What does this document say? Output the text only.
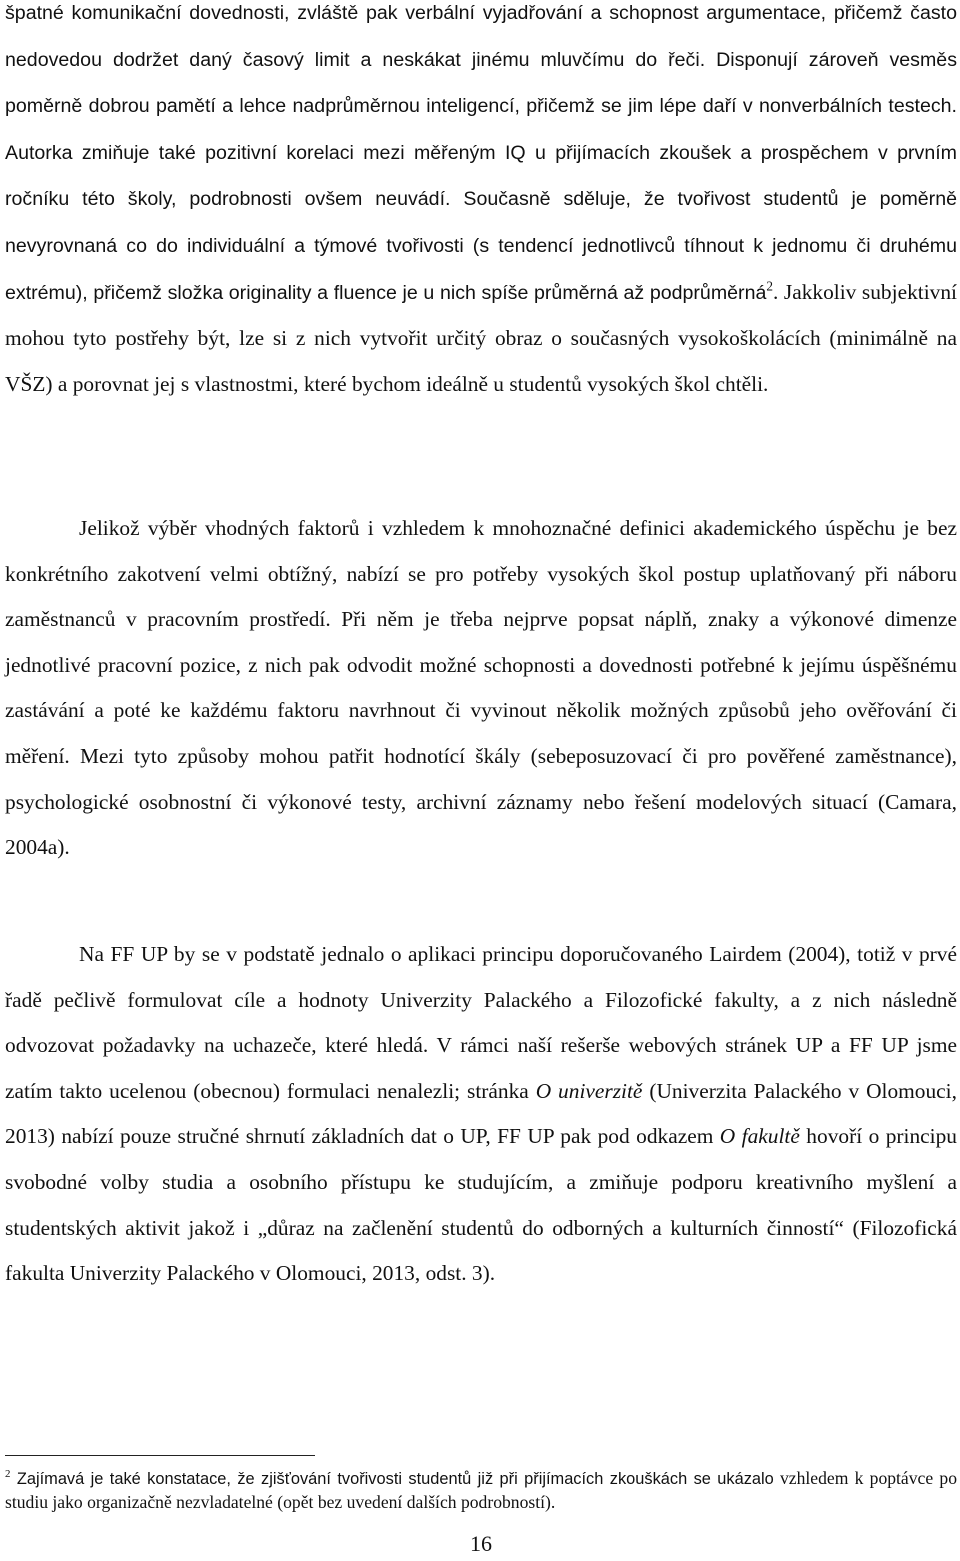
špatné komunikační dovednosti, zvláště pak verbální vyjadřování a schopnost argumentace, přičemž často nedovedou dodržet daný časový limit a neskákat jinému mluvčímu do řeči. Disponují zároveň vesměs poměrně dobrou pamětí a lehce nadprůměrnou inteligencí, přičemž se jim lépe daří v nonverbálních testech. Autorka zmiňuje také pozitivní korelaci mezi měřeným IQ u přijímacích zkoušek a prospěchem v prvním ročníku této školy, podrobnosti ovšem neuvádí. Současně sděluje, že tvořivost studentů je poměrně nevyrovnaná co do individuální a týmové tvořivosti (s tendencí jednotlivců tíhnout k jednomu či druhému extrému), přičemž složka originality a fluence je u nich spíše průměrná až podprůměrná$^2$. Jakkoliv subjektivní mohou tyto postřehy být, lze si z nich vytvořit určitý obraz o současných vysokoškolácích (minimálně na VŠZ) a porovnat jej s vlastnostmi, které bychom ideálně u studentů vysokých škol chtěli.

Jelikož výběr vhodných faktorů i vzhledem k mnohoznačné definici akademického úspěchu je bez konkrétního zakotvení velmi obtížný, nabízí se pro potřeby vysokých škol postup uplatňovaný při náboru zaměstnanců v pracovním prostředí. Při něm je třeba nejprve popsat náplň, znaky a výkonové dimenze jednotlivé pracovní pozice, z nich pak odvodit možné schopnosti a dovednosti potřebné k jejímu úspěšnému zastávání a poté ke každému faktoru navrhnout či vyvinout několik možných způsobů jeho ověřování či měření. Mezi tyto způsoby mohou patřit hodnotící škály (sebeposuzovací či pro pověřené zaměstnance), psychologické osobnostní či výkonové testy, archivní záznamy nebo řešení modelových situací (Camara, 2004a).

Na FF UP by se v podstatě jednalo o aplikaci principu doporučovaného Lairdem (2004), totiž v prvé řadě pečlivě formulovat cíle a hodnoty Univerzity Palackého a Filozofické fakulty, a z nich následně odvozovat požadavky na uchazeče, které hledá. V rámci naší rešerše webových stránek UP a FF UP jsme zatím takto ucelenou (obecnou) formulaci nenalezli; stránka O univerzitě (Univerzita Palackého v Olomouci, 2013) nabízí pouze stručné shrnutí základních dat o UP, FF UP pak pod odkazem O fakultě hovoří o principu svobodné volby studia a osobního přístupu ke studujícím, a zmiňuje podporu kreativního myšlení a studentských aktivit jakož i „důraz na začlenění studentů do odborných a kulturních činností“ (Filozofická fakulta Univerzity Palackého v Olomouci, 2013, odst. 3).

$^2$ Zajímavá je také konstatace, že zjišťování tvořivosti studentů již při přijímacích zkouškách se ukázalo vzhledem k poptávce po studiu jako organizačně nezvladatelné (opět bez uvedení dalších podrobností).

16
